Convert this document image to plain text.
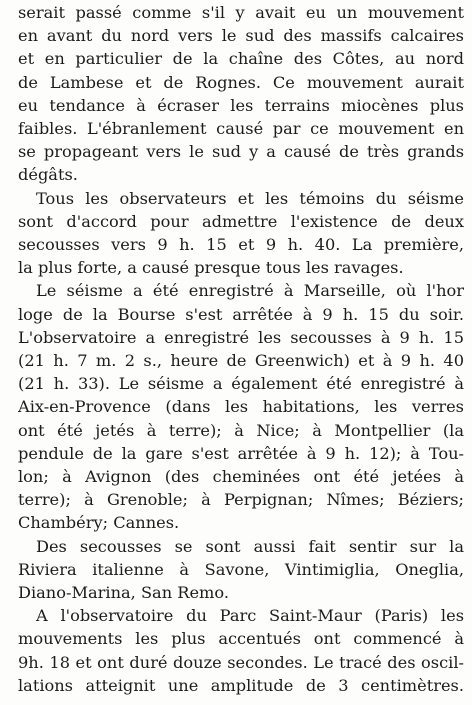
serait passé comme s'il y avait eu un mouvement
en avant du nord vers le sud des massifs calcaires
et en particulier de la chaîne des Côtes, au nord
de Lambese et de Rognes. Ce mouvement aurait
eu tendance à écraser les terrains miocènes plus
faibles. L'ébranlement causé par ce mouvement en
se propageant vers le sud y a causé de très grands
dégâts.

Tous les observateurs et les témoins du séisme
sont d'accord pour admettre l'existence de deux
secousses vers 9 h. 15 et 9 h. 40. La première,
la plus forte, a causé presque tous les ravages.

Le séisme a été enregistré à Marseille, où l'hor
loge de la Bourse s'est arrêtée à 9 h. 15 du soir.
L'observatoire a enregistré les secousses à 9 h. 15
(21 h. 7 m. 2 s., heure de Greenwich) et à 9 h. 40
(21 h. 33). Le séisme a également été enregistré à
Aix-en-Provence (dans les habitations, les verres
ont été jetés à terre); à Nice; à Montpellier (la
pendule de la gare s'est arrêtée à 9 h. 12); à Tou-
lon; à Avignon (des cheminées ont été jetées à
terre); à Grenoble; à Perpignan; Nîmes; Béziers;
Chambéry; Cannes.

Des secousses se sont aussi fait sentir sur la
Riviera italienne à Savone, Vintimiglia, Oneglia,
Diano-Marina, San Remo.

A l'observatoire du Parc Saint-Maur (Paris) les
mouvements les plus accentués ont commencé à
9h. 18 et ont duré douze secondes. Le tracé des oscil-
lations atteignit une amplitude de 3 centimètres.
